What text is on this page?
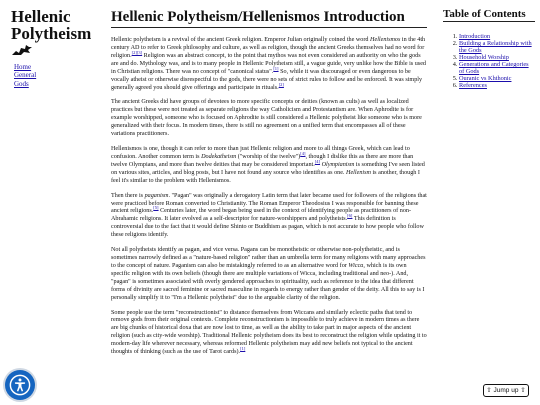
Hellenic Polytheism
Home
General
Gods
Hellenic Polytheism/Hellenismos Introduction

Hellenic polytheism is a revival of the ancient Greek religion. Emperor Julian originally coined the word Hellenismos in the 4th century AD to refer to Greek philosophy and culture, as well as religion, though the ancient Greeks themselves had no word for religion.[2][3] Religion was an abstract concept, to the point that mythos was not even considered an authority on who the gods are and do. Mythology was, and is to many people in Hellenic Polytheism still, a vague guide, very unlike how the Bible is used in Christian religions. There was no concept of "canonical status".[1] So, while it was discouraged or even dangerous to be vocally atheist or otherwise disrespectful to the gods, there were no sets of strict rules to follow and be enforced. It was simply generally agreed you should give offerings and participate in rituals.[2]

The ancient Greeks did have groups of devotees to more specific concepts or deities (known as cults) as well as localized practices but these were not treated as separate religions the way Catholicism and Protestantism are. When Aphrodite is for example worshipped, someone who is focused on Aphrodite is still considered a Hellenic polytheist like someone who is more generalized with their focus. In modern times, there is still no agreement on a unified term that encompasses all of these variations practitioners.

Hellenismos is one, though it can refer to more than just Hellenic religion and more to all things Greek, which can lead to confusion. Another common term is Dodekatheism ("worship of the twelve")[4], though I dislike this as there are more than twelve Olympians, and more than twelve deities that may be considered important.[4] Olympianism is something I've seen listed on various sites, articles, and blog posts, but I have not found any source who identifies as one. Hellenism is another, though I feel it's similar to the problem with Hellenismos.

Then there is paganism. "Pagan" was originally a derogatory Latin term that later became used for followers of the religions that were practiced before Roman converted to Christianity. The Roman Emperor Theodosius I was responsible for banning these ancient religions.[5] Centuries later, the word began being used in the context of identifying people as practitioners of non-Abrahamic religions. It later evolved as a self-descriptor for nature-worshippers and polytheists.[6] This definition is controversial due to the fact that it would define Shinto or Buddhism as pagan, which is not accurate to how people who follow these religions identify.

Not all polytheists identify as pagan, and vice versa. Pagans can be monotheistic or otherwise non-polytheistic, and is sometimes narrowly defined as a "nature-based religion" rather than an umbrella term for many religions with many approaches to the concept of nature. Paganism can also be mistakingly referred to as an alternative word for Wicca, which is its own specific religion with its own beliefs (though there are multiple variations of Wicca, including traditional and neo-). And, "pagan" is sometimes associated with overly gendered approaches to spirituality, such as reference to the idea that different forms of divinity are sacred feminine or sacred masculine in regards to energy rather than gender of the deity. All this to say is I personally simplify it to "I'm a Hellenic polytheist" due to the arguable clarity of the religion.

Some people use the term "reconstructionist" to distance themselves from Wiccans and similarly eclectic paths that tend to remove gods from their original contexts. Complete reconstructionism is impossible to truly achieve in modern times as there are big chunks of historical doxa that are now lost to time, as well as the ability to take part in major aspects of the ancient religion (such as city-wide worship). Traditional Hellenic polytheism does its best to reconstruct the religion while updating it to modern-day life wherever necessary, whereas reformed Hellenic polytheism may add new beliefs not typical to the ancient thoughts of thinking (such as the use of Tarot cards).[1]

Table of Contents
1. Introduction
2. Building a Relationship with the Gods
3. Household Worship
4. Generations and Categories of Gods
5. Ouranic vs Khthonic
6. References
⇧ Jump up ⇧
